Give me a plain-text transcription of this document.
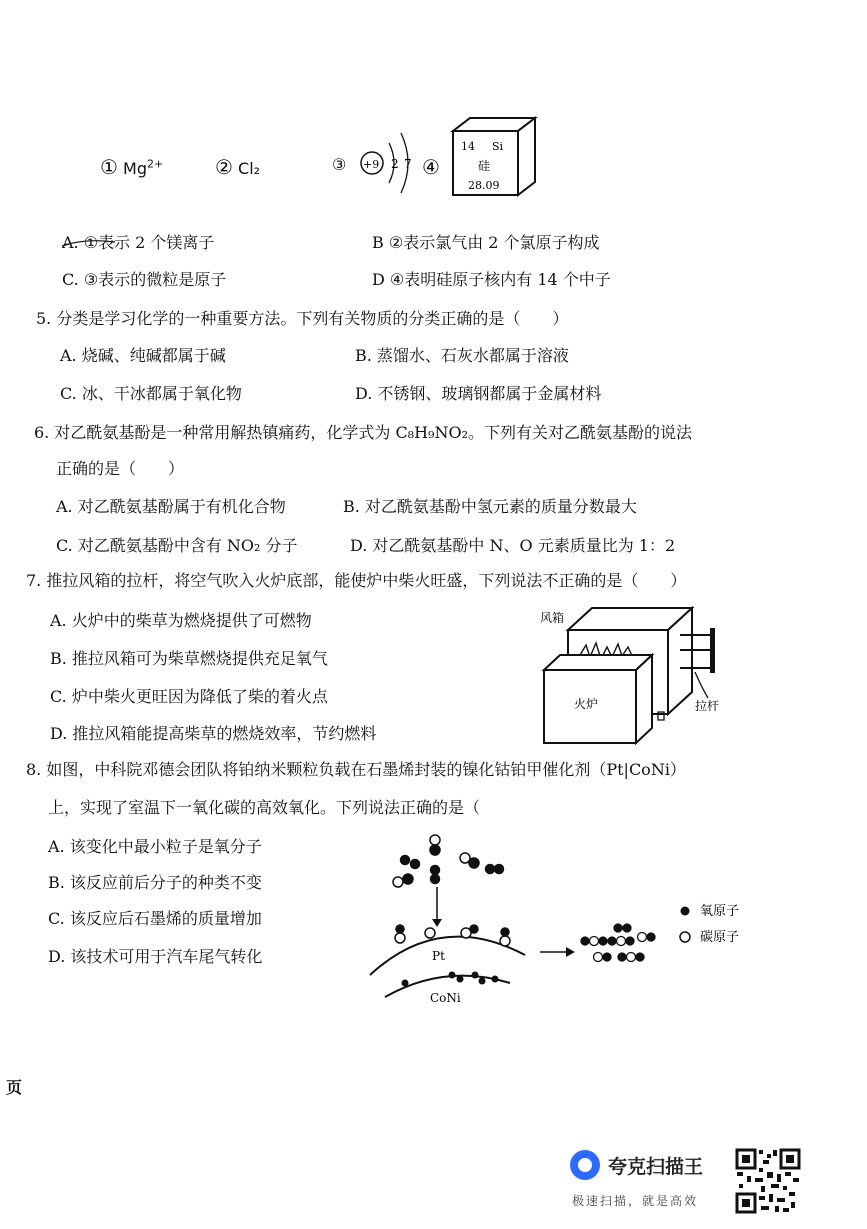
① $Mg^{2+}$	② Cl₂	③ +9 2 7 ④
14 Si
硅
28.09
A. ①表示 2 个镁离子	B ②表示氯气由 2 个氯原子构成
C. ③表示的微粒是原子	D ④表明硅原子核内有 14 个中子
5. 分类是学习化学的一种重要方法。下列有关物质的分类正确的是（　　）
A. 烧碱、纯碱都属于碱	B. 蒸馏水、石灰水都属于溶液
C. 冰、干冰都属于氧化物	D. 不锈钢、玻璃钢都属于金属材料
6. 对乙酰氨基酚是一种常用解热镇痛药，化学式为 C₈H₉NO₂。下列有关对乙酰氨基酚的说法
正确的是（　　）
A. 对乙酰氨基酚属于有机化合物	B. 对乙酰氨基酚中氢元素的质量分数最大
C. 对乙酰氨基酚中含有 NO₂ 分子	D. 对乙酰氨基酚中 N、O 元素质量比为 1：2
7. 推拉风箱的拉杆，将空气吹入火炉底部，能使炉中柴火旺盛，下列说法不正确的是（　　）
A. 火炉中的柴草为燃烧提供了可燃物
B. 推拉风箱可为柴草燃烧提供充足氧气
C. 炉中柴火更旺因为降低了柴的着火点
D. 推拉风箱能提高柴草的燃烧效率，节约燃料
风箱
拉杆
火炉
8. 如图，中科院邓德会团队将铂纳米颗粒负载在石墨烯封装的镍化钴铂甲催化剂（Pt|CoNi）
上，实现了室温下一氧化碳的高效氧化。下列说法正确的是（
A. 该变化中最小粒子是氧分子
B. 该反应前后分子的种类不变
C. 该反应后石墨烯的质量增加
D. 该技术可用于汽车尾气转化	Pt
CoNi
氧原子
碳原子
页
夸克扫描王
极速扫描，就是高效
